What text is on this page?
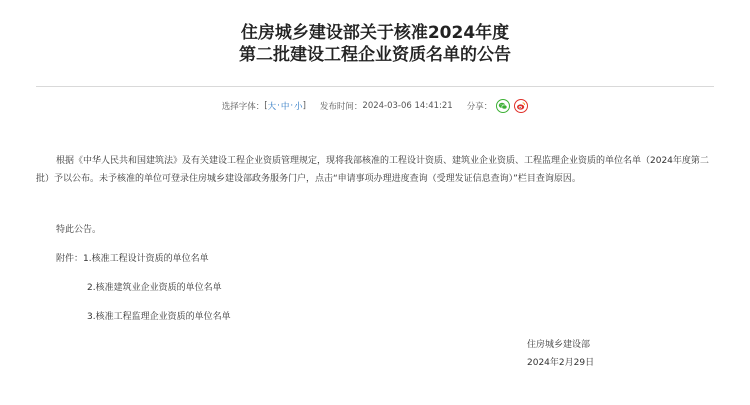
住房城乡建设部关于核准2024年度
第二批建设工程企业资质名单的公告
选择字体： [ 大 · 中 · 小 ] 发布时间： 2024-03-06 14:41:21 分享：

根据《中华人民共和国建筑法》及有关建设工程企业资质管理规定，现将我部核准的工程设计资质、建筑业企业资质、工程监理企业资质的单位名单（2024年度第二批）予以公布。未予核准的单位可登录住房城乡建设部政务服务门户，点击“申请事项办理进度查询（受理发证信息查询）”栏目查询原因。

特此公告。
附件：1.核准工程设计资质的单位名单
2.核准建筑业企业资质的单位名单
3.核准工程监理企业资质的单位名单
住房城乡建设部
2024年2月29日
